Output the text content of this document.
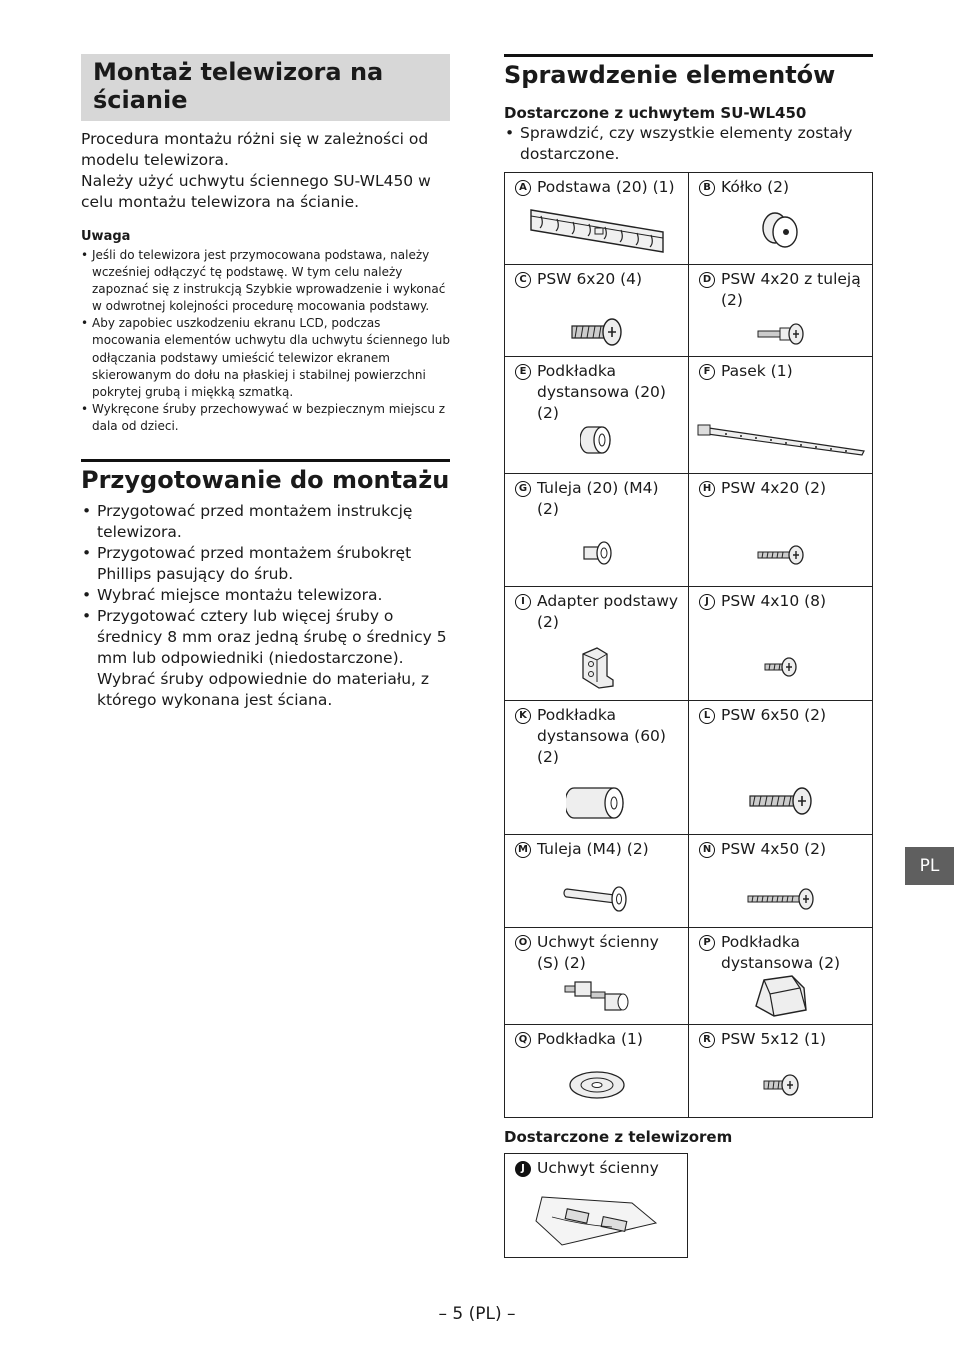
Montaż telewizora na ścianie

Procedura montażu różni się w zależności od modelu telewizora.

Należy użyć uchwytu ściennego SU-WL450 w celu montażu telewizora na ścianie.

Uwaga
• Jeśli do telewizora jest przymocowana podstawa, należy wcześniej odłączyć tę podstawę. W tym celu należy zapoznać się z instrukcją Szybkie wprowadzenie i wykonać w odwrotnej kolejności procedurę mocowania podstawy.
• Aby zapobiec uszkodzeniu ekranu LCD, podczas mocowania elementów uchwytu dla uchwytu ściennego lub odłączania podstawy umieścić telewizor ekranem skierowanym do dołu na płaskiej i stabilnej powierzchni pokrytej grubą i miękką szmatką.
• Wykręcone śruby przechowywać w bezpiecznym miejscu z dala od dzieci.
Przygotowanie do montażu
• Przygotować przed montażem instrukcję telewizora.
• Przygotować przed montażem śrubokręt Phillips pasujący do śrub.
• Wybrać miejsce montażu telewizora.
• Przygotować cztery lub więcej śruby o średnicy 8 mm oraz jedną śrubę o średnicy 5 mm lub odpowiedniki (niedostarczone). Wybrać śruby odpowiednie do materiału, z którego wykonana jest ściana.
Sprawdzenie elementów
Dostarczone z uchwytem SU-WL450
• Sprawdzić, czy wszystkie elementy zostały dostarczone.
A Podstawa (20) (1)	B Kółko (2)

C PSW 6x20 (4)	D PSW 4x20 z tuleją (2)

E Podkładka dystansowa (20) (2)	F Pasek (1)

G Tuleja (20) (M4) (2)	H PSW 4x20 (2)

I Adapter podstawy (2)	J PSW 4x10 (8)

K Podkładka dystansowa (60) (2)	L PSW 6x50 (2)

M Tuleja (M4) (2)	N PSW 4x50 (2)

O Uchwyt ścienny (S) (2)	P Podkładka dystansowa (2)

Q Podkładka (1)	R PSW 5x12 (1)
Dostarczone z telewizorem
J Uchwyt ścienny
PL
– 5 (PL) –
